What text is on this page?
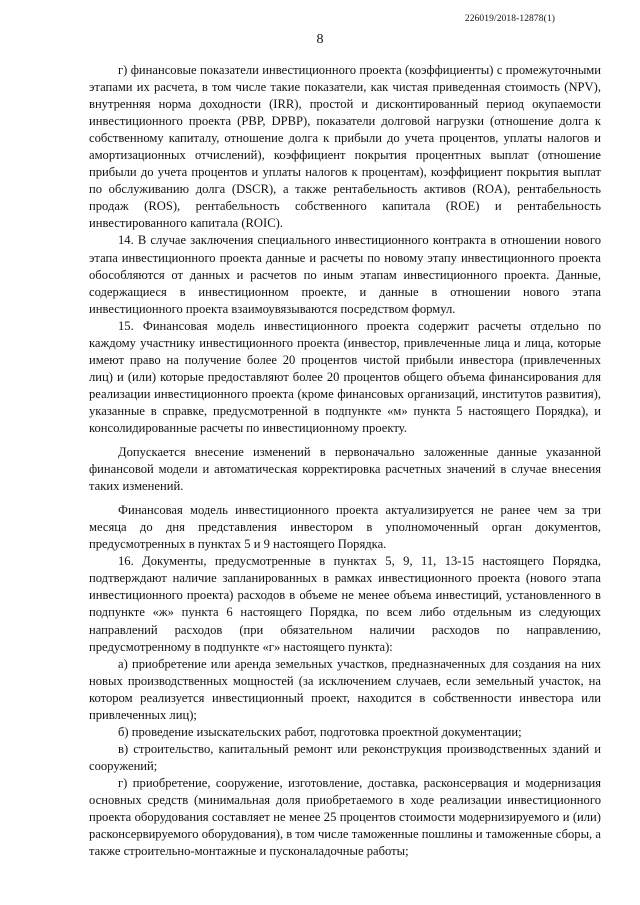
226019/2018-12878(1)
8

г) финансовые показатели инвестиционного проекта (коэффициенты) с промежуточными этапами их расчета, в том числе такие показатели, как чистая приведенная стоимость (NPV), внутренняя норма доходности (IRR), простой и дисконтированный период окупаемости инвестиционного проекта (PBP, DPBP), показатели долговой нагрузки (отношение долга к собственному капиталу, отношение долга к прибыли до учета процентов, уплаты налогов и амортизационных отчислений), коэффициент покрытия процентных выплат (отношение прибыли до учета процентов и уплаты налогов к процентам), коэффициент покрытия выплат по обслуживанию долга (DSCR), а также рентабельность активов (ROA), рентабельность продаж (ROS), рентабельность собственного капитала (ROE) и рентабельность инвестированного капитала (ROIC).

14. В случае заключения специального инвестиционного контракта в отношении нового этапа инвестиционного проекта данные и расчеты по новому этапу инвестиционного проекта обособляются от данных и расчетов по иным этапам инвестиционного проекта. Данные, содержащиеся в инвестиционном проекте, и данные в отношении нового этапа инвестиционного проекта взаимоувязываются посредством формул.

15. Финансовая модель инвестиционного проекта содержит расчеты отдельно по каждому участнику инвестиционного проекта (инвестор, привлеченные лица и лица, которые имеют право на получение более 20 процентов чистой прибыли инвестора (привлеченных лиц) и (или) которые предоставляют более 20 процентов общего объема финансирования для реализации инвестиционного проекта (кроме финансовых организаций, институтов развития), указанные в справке, предусмотренной в подпункте «м» пункта 5 настоящего Порядка), и консолидированные расчеты по инвестиционному проекту.

Допускается внесение изменений в первоначально заложенные данные указанной финансовой модели и автоматическая корректировка расчетных значений в случае внесения таких изменений.

Финансовая модель инвестиционного проекта актуализируется не ранее чем за три месяца до дня представления инвестором в уполномоченный орган документов, предусмотренных в пунктах 5 и 9 настоящего Порядка.

16. Документы, предусмотренные в пунктах 5, 9, 11, 13-15 настоящего Порядка, подтверждают наличие запланированных в рамках инвестиционного проекта (нового этапа инвестиционного проекта) расходов в объеме не менее объема инвестиций, установленного в подпункте «ж» пункта 6 настоящего Порядка, по всем либо отдельным из следующих направлений расходов (при обязательном наличии расходов по направлению, предусмотренному в подпункте «г» настоящего пункта):

а) приобретение или аренда земельных участков, предназначенных для создания на них новых производственных мощностей (за исключением случаев, если земельный участок, на котором реализуется инвестиционный проект, находится в собственности инвестора или привлеченных лиц);

б) проведение изыскательских работ, подготовка проектной документации;

в) строительство, капитальный ремонт или реконструкция производственных зданий и сооружений;

г) приобретение, сооружение, изготовление, доставка, расконсервация и модернизация основных средств (минимальная доля приобретаемого в ходе реализации инвестиционного проекта оборудования составляет не менее 25 процентов стоимости модернизируемого и (или) расконсервируемого оборудования), в том числе таможенные пошлины и таможенные сборы, а также строительно-монтажные и пусконаладочные работы;
